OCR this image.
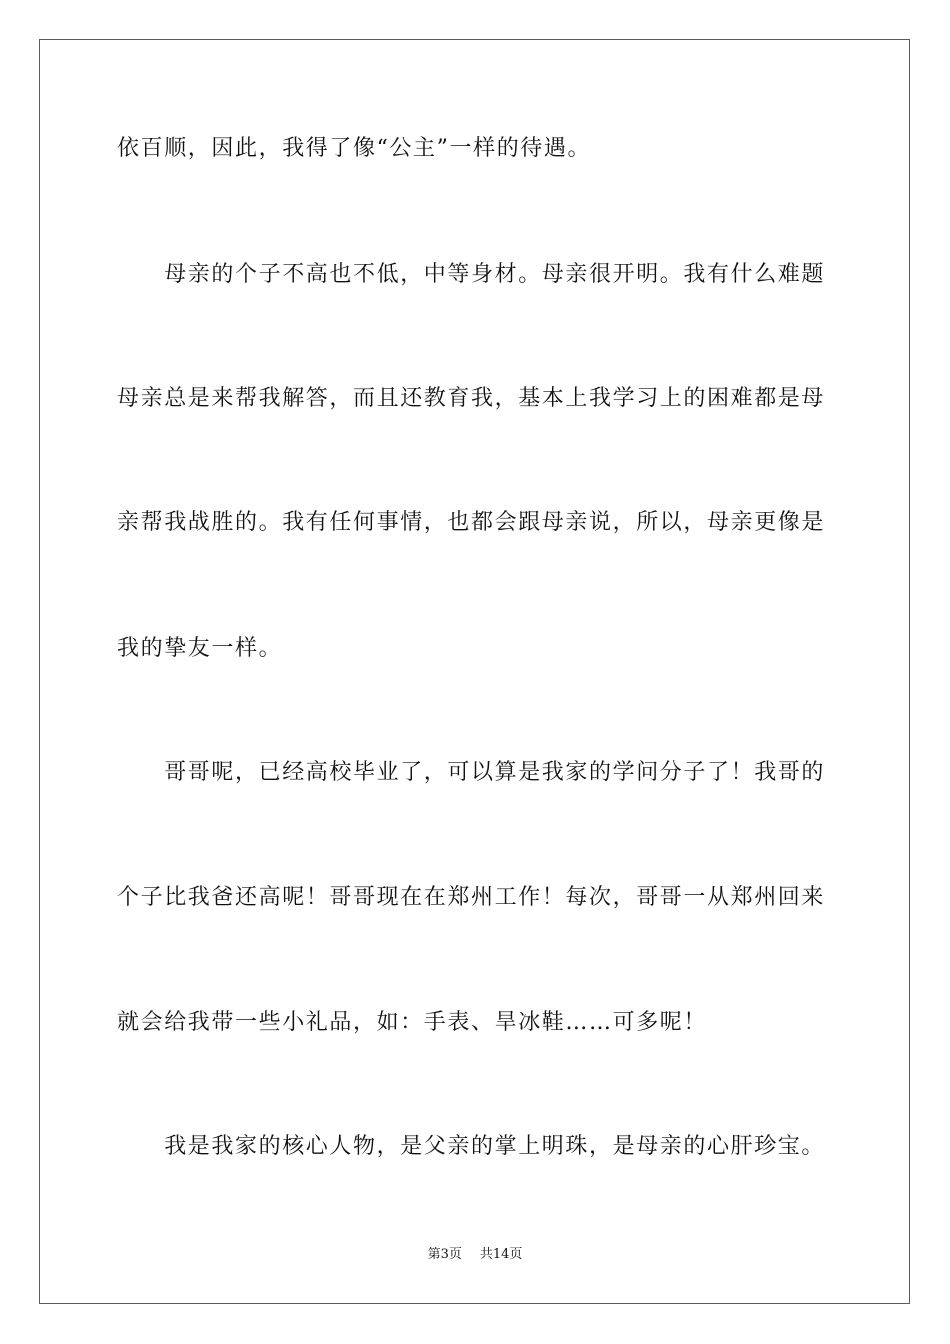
依百顺，因此，我得了像“公主”一样的待遇。
　　母亲的个子不高也不低，中等身材。母亲很开明。我有什么难题
母亲总是来帮我解答，而且还教育我，基本上我学习上的困难都是母
亲帮我战胜的。我有任何事情，也都会跟母亲说，所以，母亲更像是
我的挚友一样。
　　哥哥呢，已经高校毕业了，可以算是我家的学问分子了！我哥的
个子比我爸还高呢！哥哥现在在郑州工作！每次，哥哥一从郑州回来
就会给我带一些小礼品，如：手表、旱冰鞋……可多呢！
　　我是我家的核心人物，是父亲的掌上明珠，是母亲的心肝珍宝。
第3页 共14页
